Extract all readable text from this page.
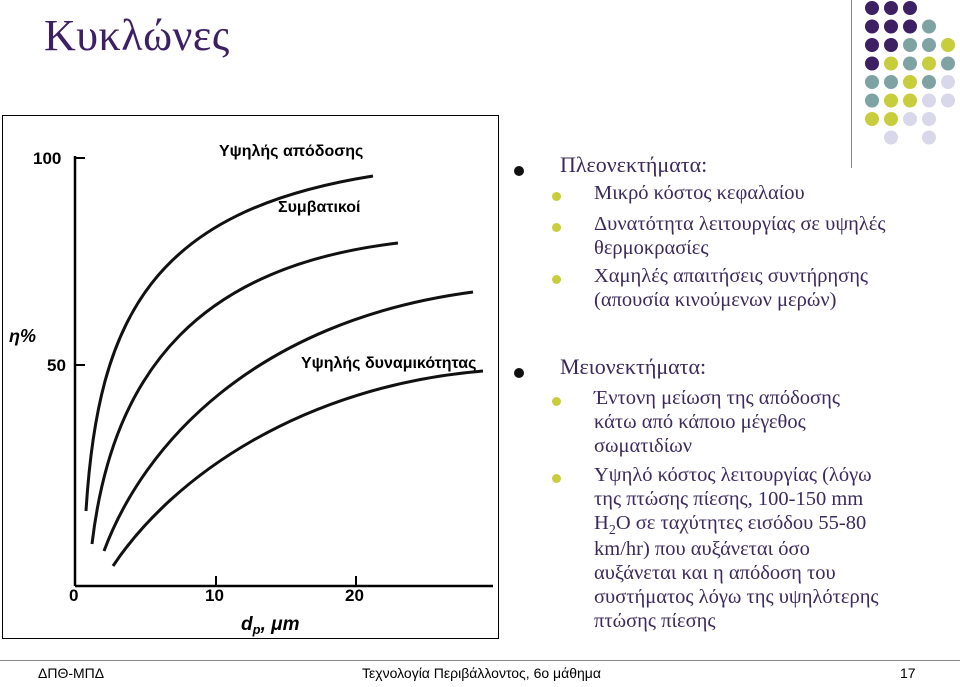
Κυκλώνες
100
50
0	10	20
η%
$d_p$, μm
Υψηλής απόδοσης
Συμβατικοί
Υψηλής δυναμικότητας
Πλεονεκτήματα:
Μικρό κόστος κεφαλαίου
Δυνατότητα λειτουργίας σε υψηλές
θερμοκρασίες
Χαμηλές απαιτήσεις συντήρησης
(απουσία κινούμενων μερών)
Μειονεκτήματα:
Έντονη μείωση της απόδοσης
κάτω από κάποιο μέγεθος
σωματιδίων
Υψηλό κόστος λειτουργίας (λόγω
της πτώσης πίεσης, 100-150 mm
$H_2O$ σε ταχύτητες εισόδου 55-80
km/hr) που αυξάνεται όσο
αυξάνεται και η απόδοση του
συστήματος λόγω της υψηλότερης
πτώσης πίεσης
ΔΠΘ-ΜΠΔ	Τεχνολογία Περιβάλλοντος, 6ο μάθημα	17
